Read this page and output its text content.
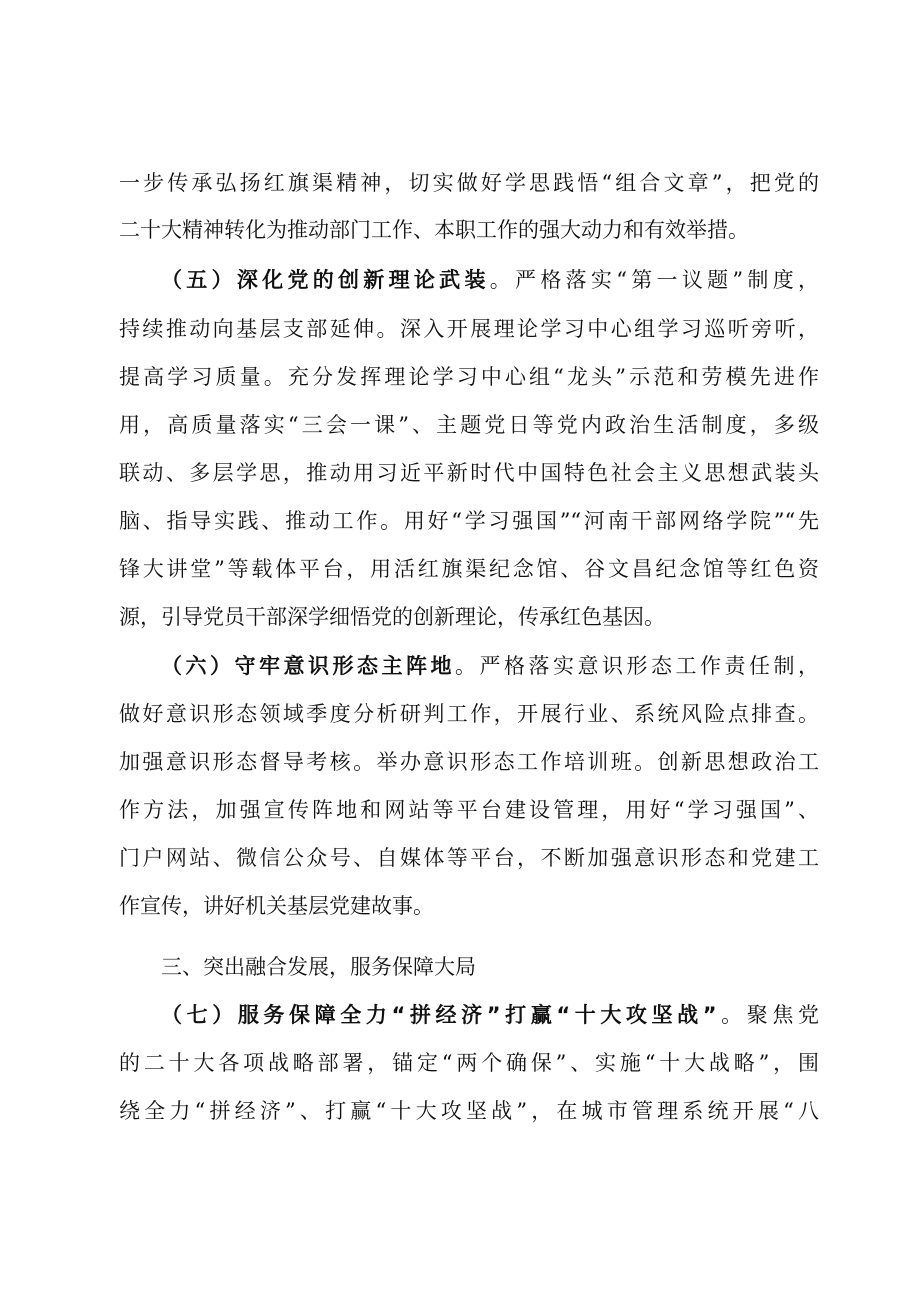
一步传承弘扬红旗渠精神，切实做好学思践悟“组合文章”，把党的
二十大精神转化为推动部门工作、本职工作的强大动力和有效举措。
（五）深化党的创新理论武装。严格落实“第一议题”制度，
持续推动向基层支部延伸。深入开展理论学习中心组学习巡听旁听，
提高学习质量。充分发挥理论学习中心组“龙头”示范和劳模先进作
用，高质量落实“三会一课”、主题党日等党内政治生活制度，多级
联动、多层学思，推动用习近平新时代中国特色社会主义思想武装头
脑、指导实践、推动工作。用好“学习强国”“河南干部网络学院”“先
锋大讲堂”等载体平台，用活红旗渠纪念馆、谷文昌纪念馆等红色资
源，引导党员干部深学细悟党的创新理论，传承红色基因。
（六）守牢意识形态主阵地。严格落实意识形态工作责任制，
做好意识形态领域季度分析研判工作，开展行业、系统风险点排查。
加强意识形态督导考核。举办意识形态工作培训班。创新思想政治工
作方法，加强宣传阵地和网站等平台建设管理，用好“学习强国”、
门户网站、微信公众号、自媒体等平台，不断加强意识形态和党建工
作宣传，讲好机关基层党建故事。
三、突出融合发展，服务保障大局
（七）服务保障全力“拼经济”打赢“十大攻坚战”。聚焦党
的二十大各项战略部署，锚定“两个确保”、实施“十大战略”，围
绕全力“拼经济”、打赢“十大攻坚战”，在城市管理系统开展“八
